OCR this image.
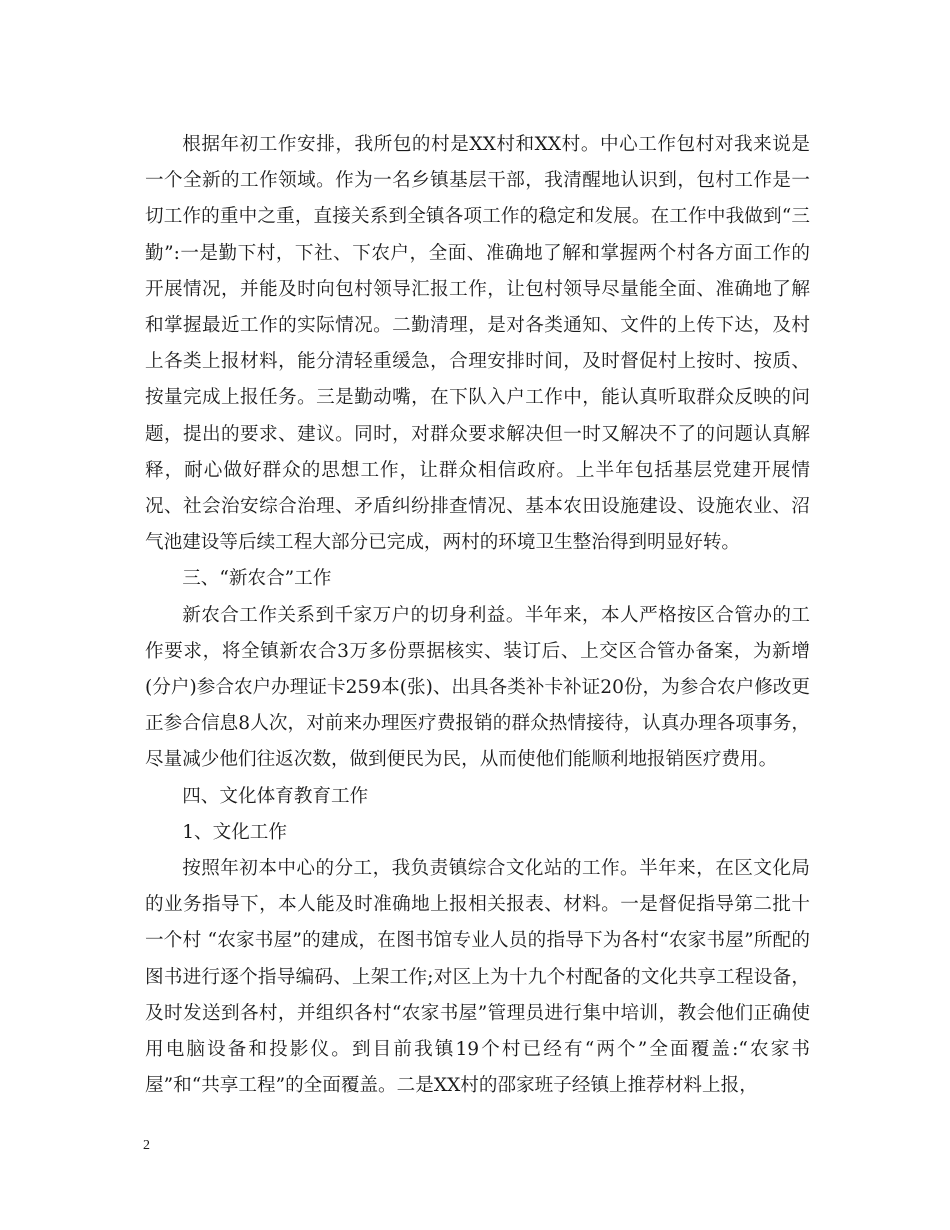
根据年初工作安排，我所包的村是XX村和XX村。中心工作包村对我来说是一个全新的工作领域。作为一名乡镇基层干部，我清醒地认识到，包村工作是一切工作的重中之重，直接关系到全镇各项工作的稳定和发展。在工作中我做到“三勤”:一是勤下村，下社、下农户，全面、准确地了解和掌握两个村各方面工作的开展情况，并能及时向包村领导汇报工作，让包村领导尽量能全面、准确地了解和掌握最近工作的实际情况。二勤清理，是对各类通知、文件的上传下达，及村上各类上报材料，能分清轻重缓急，合理安排时间，及时督促村上按时、按质、按量完成上报任务。三是勤动嘴，在下队入户工作中，能认真听取群众反映的问题，提出的要求、建议。同时，对群众要求解决但一时又解决不了的问题认真解释，耐心做好群众的思想工作，让群众相信政府。上半年包括基层党建开展情况、社会治安综合治理、矛盾纠纷排查情况、基本农田设施建设、设施农业、沼气池建设等后续工程大部分已完成，两村的环境卫生整治得到明显好转。

三、“新农合”工作

新农合工作关系到千家万户的切身利益。半年来，本人严格按区合管办的工作要求，将全镇新农合3万多份票据核实、装订后、上交区合管办备案，为新增(分户)参合农户办理证卡259本(张)、出具各类补卡补证20份，为参合农户修改更正参合信息8人次，对前来办理医疗费报销的群众热情接待，认真办理各项事务，尽量减少他们往返次数，做到便民为民，从而使他们能顺利地报销医疗费用。

四、文化体育教育工作

1、文化工作

按照年初本中心的分工，我负责镇综合文化站的工作。半年来，在区文化局的业务指导下，本人能及时准确地上报相关报表、材料。一是督促指导第二批十一个村 “农家书屋”的建成，在图书馆专业人员的指导下为各村“农家书屋”所配的图书进行逐个指导编码、上架工作;对区上为十九个村配备的文化共享工程设备，及时发送到各村，并组织各村“农家书屋”管理员进行集中培训，教会他们正确使用电脑设备和投影仪。到目前我镇19个村已经有“两个”全面覆盖:“农家书屋”和“共享工程”的全面覆盖。二是XX村的邵家班子经镇上推荐材料上报，

2
